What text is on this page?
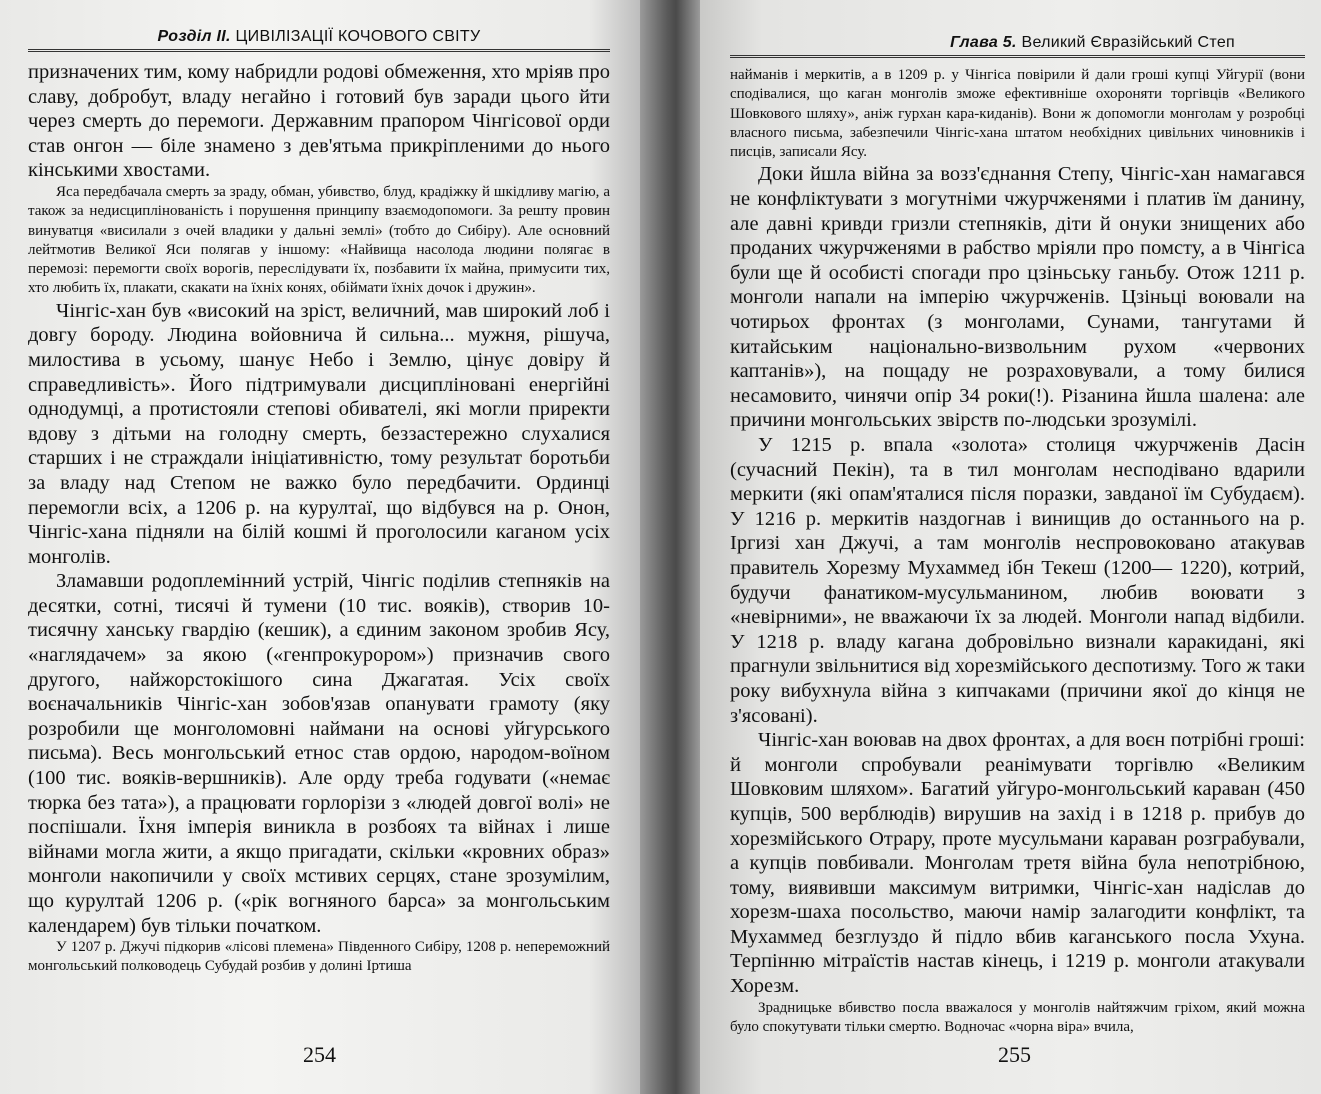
Розділ II. ЦИВІЛІЗАЦІЇ КОЧОВОГО СВІТУ

призначених тим, кому набридли родові обмеження, хто мріяв про славу, добробут, владу негайно і готовий був заради цього йти через смерть до перемоги. Державним прапором Чінгісової орди став онгон — біле знамено з дев'ятьма прикріпленими до нього кінськими хвостами.

Яса передбачала смерть за зраду, обман, убивство, блуд, крадіжку й шкідливу магію, а також за недисциплінованість і порушення принципу взаємодопомоги. За решту провин винуватця «висилали з очей владики у дальні землі» (тобто до Сибіру). Але основний лейтмотив Великої Яси полягав у іншому: «Найвища насолода людини полягає в перемозі: перемогти своїх ворогів, переслідувати їх, позбавити їх майна, примусити тих, хто любить їх, плакати, скакати на їхніх конях, обіймати їхніх дочок і дружин».

Чінгіс-хан був «високий на зріст, величний, мав широкий лоб і довгу бороду. Людина войовнича й сильна... мужня, рішуча, милостива в усьому, шанує Небо і Землю, цінує довіру й справедливість». Його підтримували дисципліновані енергійні однодумці, а протистояли степові обивателі, які могли приректи вдову з дітьми на голодну смерть, беззастережно слухалися старших і не страждали ініціативністю, тому результат боротьби за владу над Степом не важко було передбачити. Ординці перемогли всіх, а 1206 р. на курултаї, що відбувся на р. Онон, Чінгіс-хана підняли на білій кошмі й проголосили каганом усіх монголів.

Зламавши родоплемінний устрій, Чінгіс поділив степняків на десятки, сотні, тисячі й тумени (10 тис. вояків), створив 10-тисячну ханську гвардію (кешик), а єдиним законом зробив Ясу, «наглядачем» за якою («генпрокурором») призначив свого другого, найжорстокішого сина Джагатая. Усіх своїх воєначальників Чінгіс-хан зобов'язав опанувати грамоту (яку розробили ще монголомовні наймани на основі уйгурського письма). Весь монгольський етнос став ордою, народом-воїном (100 тис. вояків-вершників). Але орду треба годувати («немає тюрка без тата»), а працювати горлорізи з «людей довгої волі» не поспішали. Їхня імперія виникла в розбоях та війнах і лише війнами могла жити, а якщо пригадати, скільки «кровних образ» монголи накопичили у своїх мстивих серцях, стане зрозумілим, що курултай 1206 р. («рік вогняного барса» за монгольським календарем) був тільки початком.

У 1207 р. Джучі підкорив «лісові племена» Південного Сибіру, 1208 р. непереможний монгольський полководець Субудай розбив у долині Іртиша

254
Глава 5. Великий Євразійський Степ

найманів і меркитів, а в 1209 р. у Чінгіса повірили й дали гроші купці Уйгурії (вони сподівалися, що каган монголів зможе ефективніше охороняти торгівців «Великого Шовкового шляху», аніж гурхан кара-киданів). Вони ж допомогли монголам у розробці власного письма, забезпечили Чінгіс-хана штатом необхідних цивільних чиновників і писців, записали Ясу.

Доки йшла війна за возз'єднання Степу, Чінгіс-хан намагався не конфліктувати з могутніми чжурчженями і платив їм данину, але давні кривди гризли степняків, діти й онуки знищених або проданих чжурчженями в рабство мріяли про помсту, а в Чінгіса були ще й особисті спогади про цзіньську ганьбу. Отож 1211 р. монголи напали на імперію чжурчженів. Цзіньці воювали на чотирьох фронтах (з монголами, Сунами, тангутами й китайським національно-визвольним рухом «червоних каптанів»), на пощаду не розраховували, а тому билися несамовито, чинячи опір 34 роки(!). Різанина йшла шалена: але причини монгольських звірств по-людськи зрозумілі.

У 1215 р. впала «золота» столиця чжурчженів Дасін (сучасний Пекін), та в тил монголам несподівано вдарили меркити (які опам'яталися після поразки, завданої їм Субудаєм). У 1216 р. меркитів наздогнав і винищив до останнього на р. Іргизі хан Джучі, а там монголів неспровоковано атакував правитель Хорезму Мухаммед ібн Текеш (1200— 1220), котрий, будучи фанатиком-мусульманином, любив воювати з «невірними», не вважаючи їх за людей. Монголи напад відбили. У 1218 р. владу кагана добровільно визнали каракидані, які прагнули звільнитися від хорезмійського деспотизму. Того ж таки року вибухнула війна з кипчаками (причини якої до кінця не з'ясовані).

Чінгіс-хан воював на двох фронтах, а для воєн потрібні гроші: й монголи спробували реанімувати торгівлю «Великим Шовковим шляхом». Багатий уйгуро-монгольський караван (450 купців, 500 верблюдів) вирушив на захід і в 1218 р. прибув до хорезмійського Отрару, проте мусульмани караван розграбували, а купців повбивали. Монголам третя війна була непотрібною, тому, виявивши максимум витримки, Чінгіс-хан надіслав до хорезм-шаха посольство, маючи намір залагодити конфлікт, та Мухаммед безглуздо й підло вбив каганського посла Ухуна. Терпінню мітраїстів настав кінець, і 1219 р. монголи атакували Хорезм.

Зрадницьке вбивство посла вважалося у монголів найтяжчим гріхом, який можна було спокутувати тільки смертю. Водночас «чорна віра» вчила,

255
